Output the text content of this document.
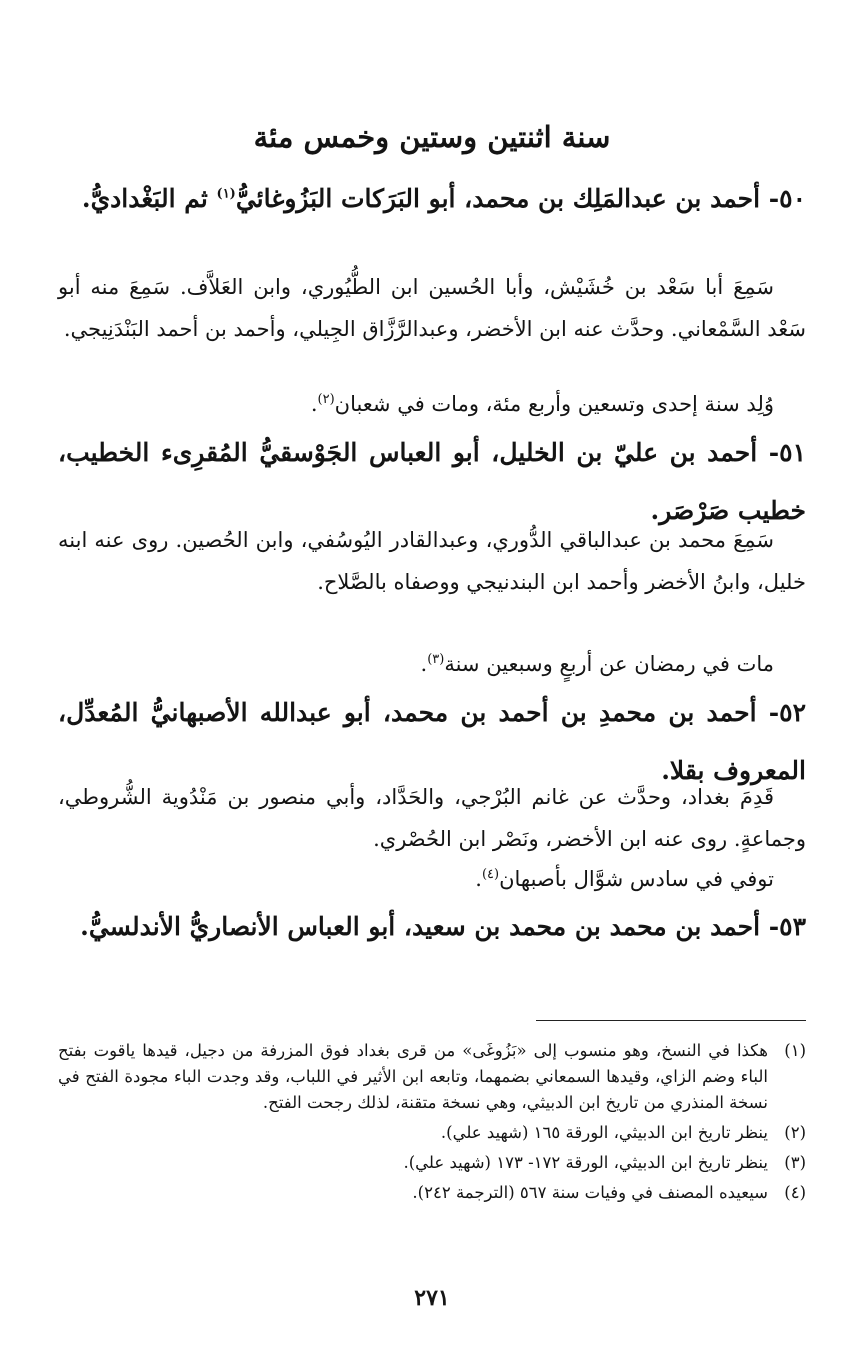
سنة اثنتين وستين وخمس مئة

٥٠- أحمد بن عبدالمَلِك بن محمد، أبو البَرَكات البَزُوغائيُّ$^{(١)}$ ثم البَغْداديُّ.

سَمِعَ أبا سَعْد بن خُشَيْش، وأبا الحُسين ابن الطُّيُوري، وابن العَلاَّف. سَمِعَ منه أبو سَعْد السَّمْعاني. وحدَّث عنه ابن الأخضر، وعبدالرَّزَّاق الجِيلي، وأحمد بن أحمد البَنْدَنِيجي.

وُلِد سنة إحدى وتسعين وأربع مئة، ومات في شعبان$^{(٢)}$.

٥١- أحمد بن عليّ بن الخليل، أبو العباس الجَوْسقيُّ المُقرِىء الخطيب، خطيب صَرْصَر.

سَمِعَ محمد بن عبدالباقي الدُّوري، وعبدالقادر اليُوسُفي، وابن الحُصين. روى عنه ابنه خليل، وابنُ الأخضر وأحمد ابن البندنيجي ووصفاه بالصَّلاح.

مات في رمضان عن أربعٍ وسبعين سنة$^{(٣)}$.

٥٢- أحمد بن محمدِ بن أحمد بن محمد، أبو عبدالله الأصبهانيُّ المُعدِّل، المعروف بقلا.

قَدِمَ بغداد، وحدَّث عن غانم البُرْجي، والحَدَّاد، وأبي منصور بن مَنْدُوية الشُّروطي، وجماعةٍ. روى عنه ابن الأخضر، ونَصْر ابن الحُصْري.

توفي في سادس شوَّال بأصبهان$^{(٤)}$.

٥٣- أحمد بن محمد بن محمد بن سعيد، أبو العباس الأنصاريُّ الأندلسيُّ.

(١)
هكذا في النسخ، وهو منسوب إلى «بَزُوغَى» من قرى بغداد فوق المزرفة من دجيل، قيدها ياقوت بفتح الباء وضم الزاي، وقيدها السمعاني بضمهما، وتابعه ابن الأثير في اللباب، وقد وجدت الباء مجودة الفتح في نسخة المنذري من تاريخ ابن الدبيثي، وهي نسخة متقنة، لذلك رجحت الفتح.
(٢)
ينظر تاريخ ابن الدبيثي، الورقة ١٦٥ (شهيد علي).
(٣)
ينظر تاريخ ابن الدبيثي، الورقة ١٧٢- ١٧٣ (شهيد علي).
(٤)
سيعيده المصنف في وفيات سنة ٥٦٧ (الترجمة ٢٤٢).
٢٧١
